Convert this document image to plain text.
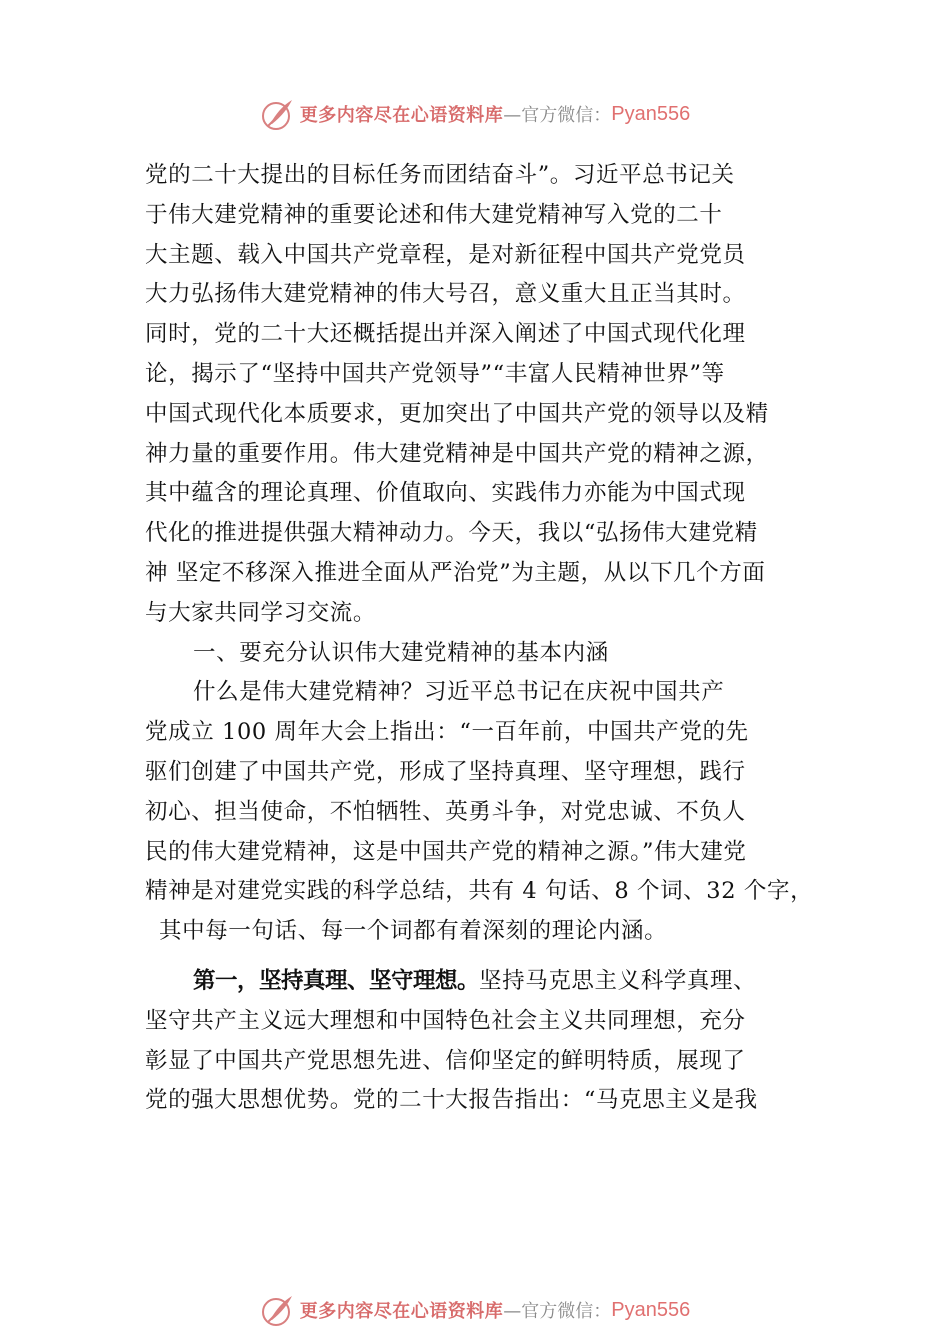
更多内容尽在心语资料库 —官方微信： Pyan556
党的二十大提出的目标任务而团结奋斗”。习近平总书记关
于伟大建党精神的重要论述和伟大建党精神写入党的二十
大主题、载入中国共产党章程，是对新征程中国共产党党员
大力弘扬伟大建党精神的伟大号召，意义重大且正当其时。
同时，党的二十大还概括提出并深入阐述了中国式现代化理
论，揭示了“坚持中国共产党领导”“丰富人民精神世界”等
中国式现代化本质要求，更加突出了中国共产党的领导以及精
神力量的重要作用。伟大建党精神是中国共产党的精神之源，
其中蕴含的理论真理、价值取向、实践伟力亦能为中国式现
代化的推进提供强大精神动力。今天，我以“弘扬伟大建党精
神 坚定不移深入推进全面从严治党”为主题，从以下几个方面
与大家共同学习交流。
一、要充分认识伟大建党精神的基本内涵
什么是伟大建党精神？习近平总书记在庆祝中国共产
党成立 100 周年大会上指出：“一百年前，中国共产党的先
驱们创建了中国共产党，形成了坚持真理、坚守理想，践行
初心、担当使命，不怕牺牲、英勇斗争，对党忠诚、不负人
民的伟大建党精神，这是中国共产党的精神之源。”伟大建党
精神是对建党实践的科学总结，共有 4 句话、8 个词、32 个字，
其中每一句话、每一个词都有着深刻的理论内涵。
第一，坚持真理、坚守理想。坚持马克思主义科学真理、
坚守共产主义远大理想和中国特色社会主义共同理想，充分
彰显了中国共产党思想先进、信仰坚定的鲜明特质，展现了
党的强大思想优势。党的二十大报告指出：“马克思主义是我
更多内容尽在心语资料库 —官方微信： Pyan556
